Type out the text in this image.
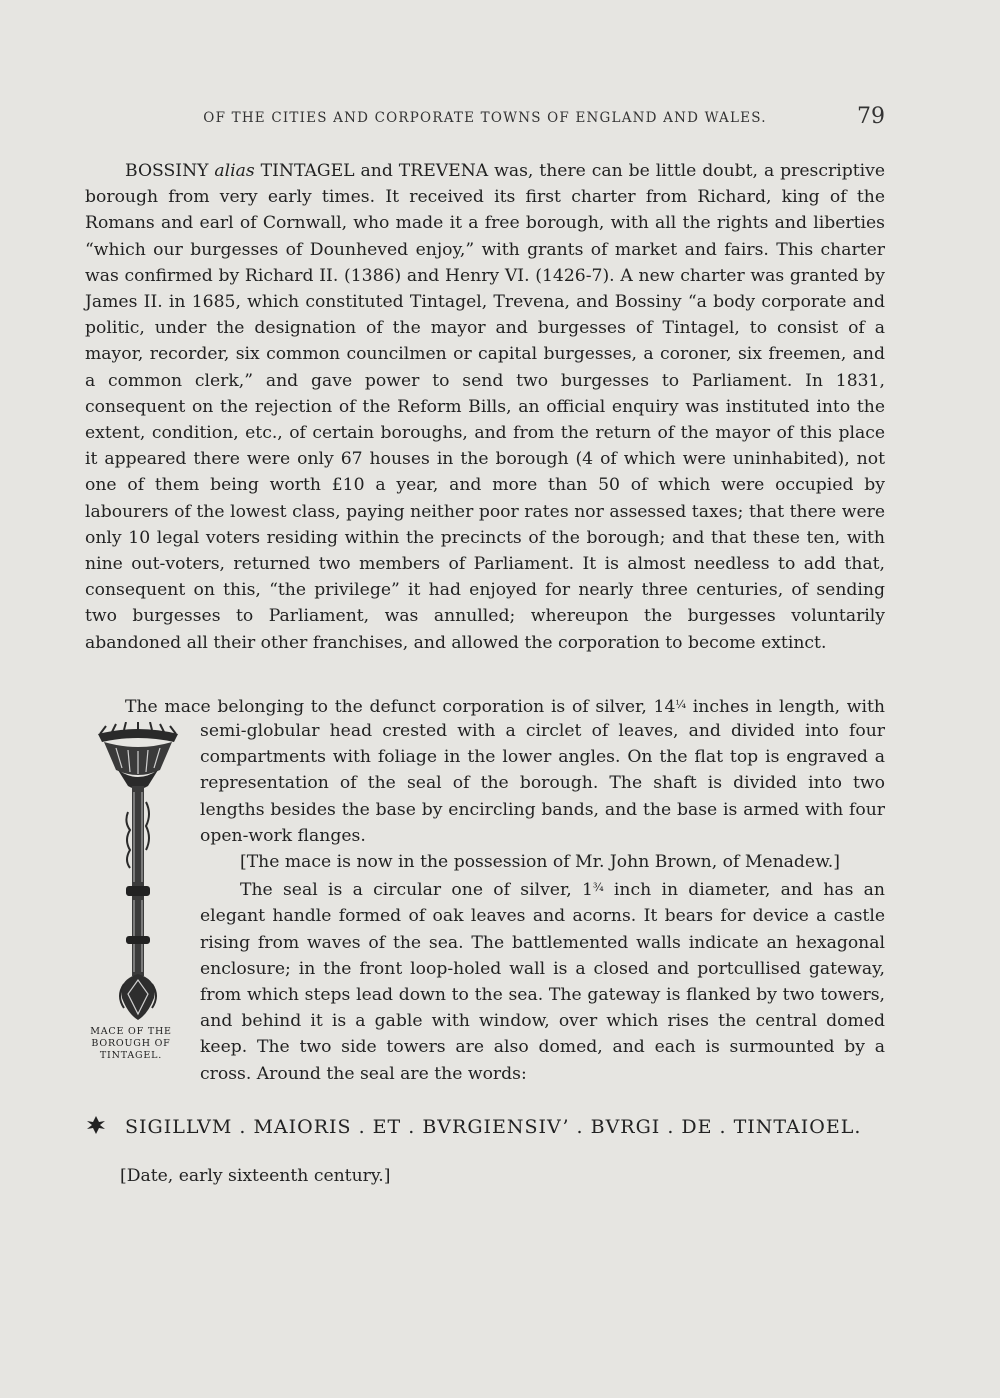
OF THE CITIES AND CORPORATE TOWNS OF ENGLAND AND WALES.	79

BOSSINY alias TINTAGEL and TREVENA was, there can be little doubt, a prescriptive borough from very early times. It received its first charter from Richard, king of the Romans and earl of Cornwall, who made it a free borough, with all the rights and liberties “which our burgesses of Dounheved enjoy,” with grants of market and fairs. This charter was confirmed by Richard II. (1386) and Henry VI. (1426-7). A new charter was granted by James II. in 1685, which constituted Tintagel, Trevena, and Bossiny “a body corporate and politic, under the designation of the mayor and burgesses of Tintagel, to consist of a mayor, recorder, six common councilmen or capital burgesses, a coroner, six freemen, and a common clerk,” and gave power to send two burgesses to Parliament. In 1831, consequent on the rejection of the Reform Bills, an official enquiry was instituted into the extent, condition, etc., of certain boroughs, and from the return of the mayor of this place it appeared there were only 67 houses in the borough (4 of which were uninhabited), not one of them being worth £10 a year, and more than 50 of which were occupied by labourers of the lowest class, paying neither poor rates nor assessed taxes; that there were only 10 legal voters residing within the precincts of the borough; and that these ten, with nine out-voters, returned two members of Parliament. It is almost needless to add that, consequent on this, “the privilege” it had enjoyed for nearly three centuries, of sending two burgesses to Parliament, was annulled; whereupon the burgesses voluntarily abandoned all their other franchises, and allowed the corporation to become extinct.

The mace belonging to the defunct corporation is of silver, $14^{\frac{1}{4}}$ inches in length, with

MACE OF THE BOROUGH OF TINTAGEL.

semi-globular head crested with a circlet of leaves, and divided into four compartments with foliage in the lower angles. On the flat top is engraved a representation of the seal of the borough. The shaft is divided into two lengths besides the base by encircling bands, and the base is armed with four open-work flanges.

[The mace is now in the possession of Mr. John Brown, of Menadew.]

The seal is a circular one of silver, $1^{\frac{3}{4}}$ inch in diameter, and has an elegant handle formed of oak leaves and acorns. It bears for device a castle rising from waves of the sea. The battlemented walls indicate an hexagonal enclosure; in the front loop-holed wall is a closed and portcullised gateway, from which steps lead down to the sea. The gateway is flanked by two towers, and behind it is a gable with window, over which rises the central domed keep. The two side towers are also domed, and each is surmounted by a cross. Around the seal are the words:

SIGILLVM . MAIORIS . ET . BVRGIENSIV’ . BVRGI . DE . TINTAIOEL.
[Date, early sixteenth century.]
